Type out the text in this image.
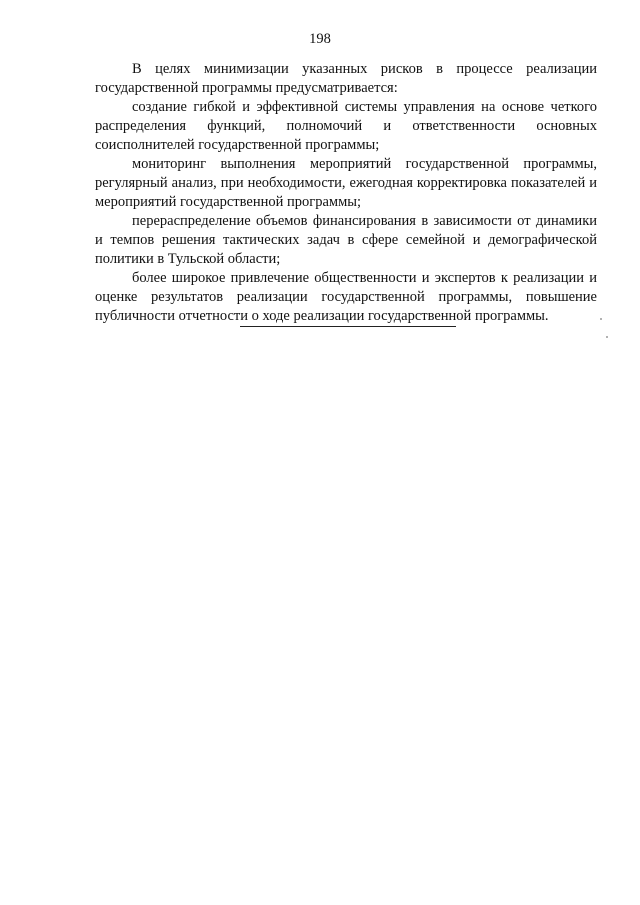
198

В целях минимизации указанных рисков в процессе реализации государственной программы предусматривается:

создание гибкой и эффективной системы управления на основе четкого распределения функций, полномочий и ответственности основных соисполнителей государственной программы;

мониторинг выполнения мероприятий государственной программы, регулярный анализ, при необходимости, ежегодная корректировка показателей и мероприятий государственной программы;

перераспределение объемов финансирования в зависимости от динамики и темпов решения тактических задач в сфере семейной и демографической политики в Тульской области;

более широкое привлечение общественности и экспертов к реализации и оценке результатов реализации государственной программы, повышение публичности отчетности о ходе реализации государственной программы.
